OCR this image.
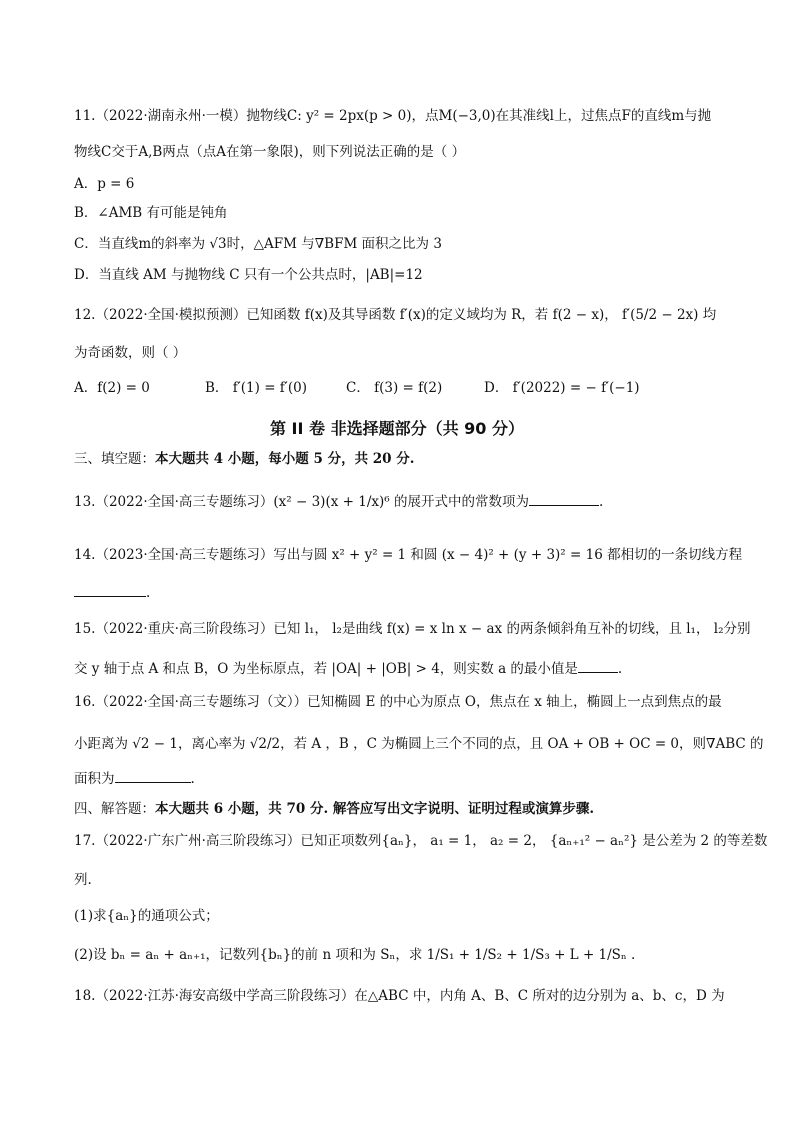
11.（2022·湖南永州·一模）抛物线C: y² = 2px(p > 0)，点M(−3,0)在其准线l上，过焦点F的直线m与抛
物线C交于A,B两点（点A在第一象限)，则下列说法正确的是（ ）
A．p = 6
B．∠AMB 有可能是钝角
C．当直线m的斜率为 √3时，△AFM 与∇BFM 面积之比为 3
D．当直线 AM 与抛物线 C 只有一个公共点时，|AB|=12
12.（2022·全国·模拟预测）已知函数 f(x)及其导函数 f′(x)的定义域均为 R，若 f(2 − x)， f′(5/2 − 2x) 均
为奇函数，则（ ）
A．f(2) = 0	B． f′(1) = f′(0)	C． f(3) = f(2)	D． f′(2022) = − f′(−1)
第 II 卷 非选择题部分（共 90 分）
三、填空题：本大题共 4 小题，每小题 5 分，共 20 分.
13.（2022·全国·高三专题练习）(x² − 3)(x + 1/x)⁶ 的展开式中的常数项为	.
14.（2023·全国·高三专题练习）写出与圆 x² + y² = 1 和圆 (x − 4)² + (y + 3)² = 16 都相切的一条切线方程
.
15.（2022·重庆·高三阶段练习）已知 l₁， l₂是曲线 f(x) = x ln x − ax 的两条倾斜角互补的切线，且 l₁， l₂分别
交 y 轴于点 A 和点 B，O 为坐标原点，若 |OA| + |OB| > 4，则实数 a 的最小值是	.
16.（2022·全国·高三专题练习（文））已知椭圆 E 的中心为原点 O，焦点在 x 轴上，椭圆上一点到焦点的最
小距离为 √2 − 1，离心率为 √2/2，若 A ，B ，C 为椭圆上三个不同的点，且 OA + OB + OC = 0，则∇ABC 的
面积为	.
四、解答题：本大题共 6 小题，共 70 分. 解答应写出文字说明、证明过程或演算步骤.
17.（2022·广东广州·高三阶段练习）已知正项数列{aₙ}， a₁ = 1， a₂ = 2， {aₙ₊₁² − aₙ²} 是公差为 2 的等差数
列.
(1)求{aₙ}的通项公式；
(2)设 bₙ = aₙ + aₙ₊₁，记数列{bₙ}的前 n 项和为 Sₙ，求 1/S₁ + 1/S₂ + 1/S₃ + L + 1/Sₙ .
18.（2022·江苏·海安高级中学高三阶段练习）在△ABC 中，内角 A、B、C 所对的边分别为 a、b、c，D 为
